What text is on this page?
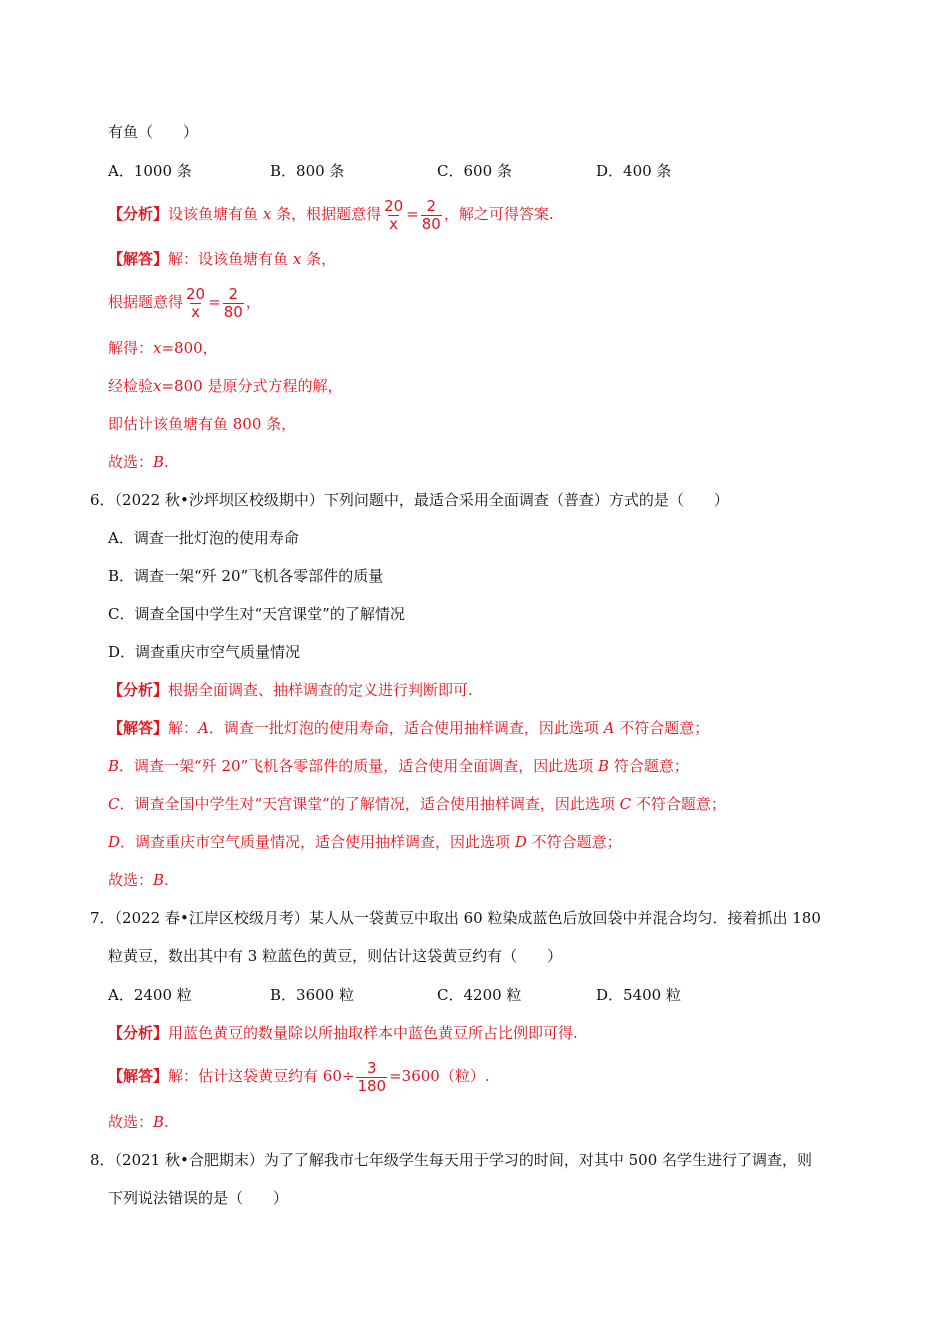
有鱼（　　）
A．1000 条	B．800 条	C．600 条	D．400 条
【分析】设该鱼塘有鱼 x 条，根据题意得 $\frac{20}{x} = \frac{2}{80}$ ，解之可得答案.
【解答】解：设该鱼塘有鱼 x 条，
根据题意得 $\frac{20}{x} = \frac{2}{80}$ ，
解得：x=800，
经检验x=800 是原分式方程的解，
即估计该鱼塘有鱼 800 条，
故选：B.
6．（2022 秋•沙坪坝区校级期中）下列问题中，最适合采用全面调查（普查）方式的是（　　）
A．调查一批灯泡的使用寿命
B．调查一架“歼 20”飞机各零部件的质量
C．调查全国中学生对“天宫课堂”的了解情况
D．调查重庆市空气质量情况
【分析】根据全面调查、抽样调查的定义进行判断即可.
【解答】解：A．调查一批灯泡的使用寿命，适合使用抽样调查，因此选项 A 不符合题意；
B．调查一架“歼 20”飞机各零部件的质量，适合使用全面调查，因此选项 B 符合题意；
C．调查全国中学生对“天宫课堂”的了解情况，适合使用抽样调查，因此选项 C 不符合题意；
D．调查重庆市空气质量情况，适合使用抽样调查，因此选项 D 不符合题意；
故选：B.
7．（2022 春•江岸区校级月考）某人从一袋黄豆中取出 60 粒染成蓝色后放回袋中并混合均匀．接着抓出 180
粒黄豆，数出其中有 3 粒蓝色的黄豆，则估计这袋黄豆约有（　　）
A．2400 粒	B．3600 粒	C．4200 粒	D．5400 粒
【分析】用蓝色黄豆的数量除以所抽取样本中蓝色黄豆所占比例即可得.
【解答】解：估计这袋黄豆约有 $60\div \frac{3}{180} =3600$（粒）.
故选：B.
8．（2021 秋•合肥期末）为了了解我市七年级学生每天用于学习的时间，对其中 500 名学生进行了调查，则
下列说法错误的是（　　）
